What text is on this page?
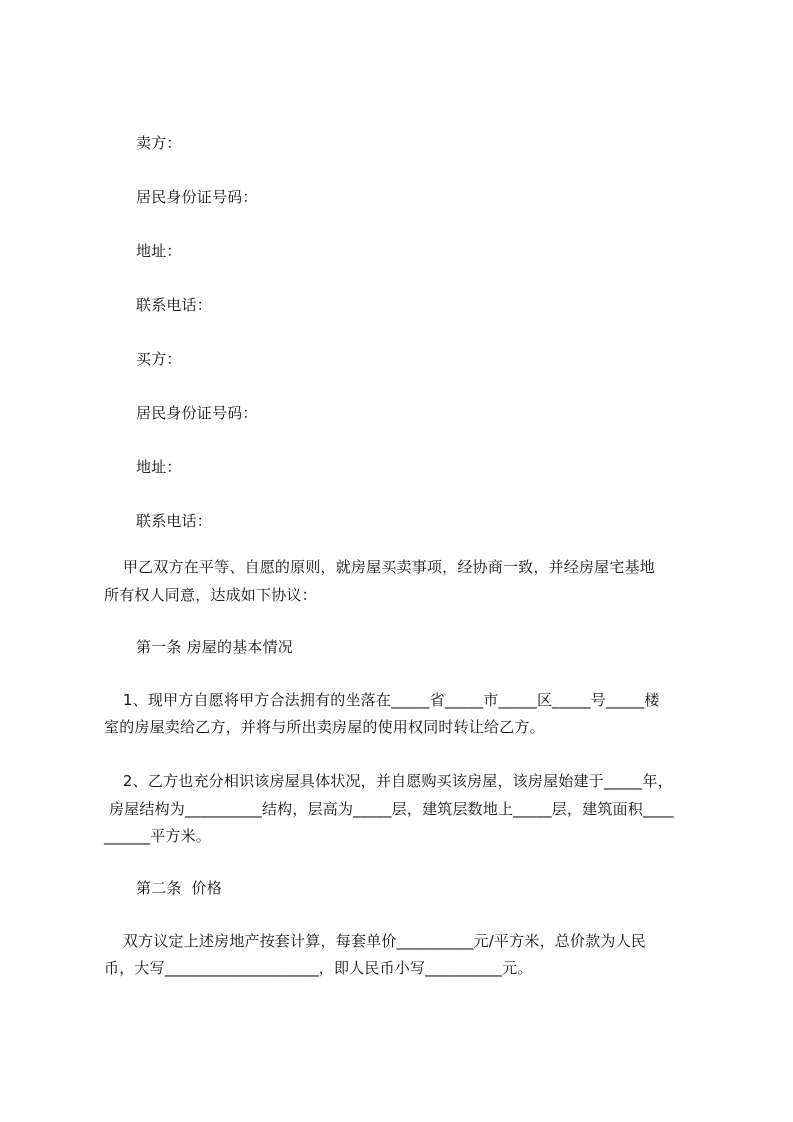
卖方：
居民身份证号码：
地址：
联系电话：
买方：
居民身份证号码：
地址：
联系电话：
甲乙双方在平等、自愿的原则，就房屋买卖事项，经协商一致，并经房屋宅基地
所有权人同意，达成如下协议：
第一条 房屋的基本情况
1、现甲方自愿将甲方合法拥有的坐落在_____省_____市_____区_____号_____楼
室的房屋卖给乙方，并将与所出卖房屋的使用权同时转让给乙方。
2、乙方也充分相识该房屋具体状况，并自愿购买该房屋，该房屋始建于_____年，
房屋结构为__________结构，层高为_____层，建筑层数地上_____层，建筑面积____
______平方米。
第二条  价格
双方议定上述房地产按套计算，每套单价__________元/平方米，总价款为人民
币，大写____________________，即人民币小写__________元。
